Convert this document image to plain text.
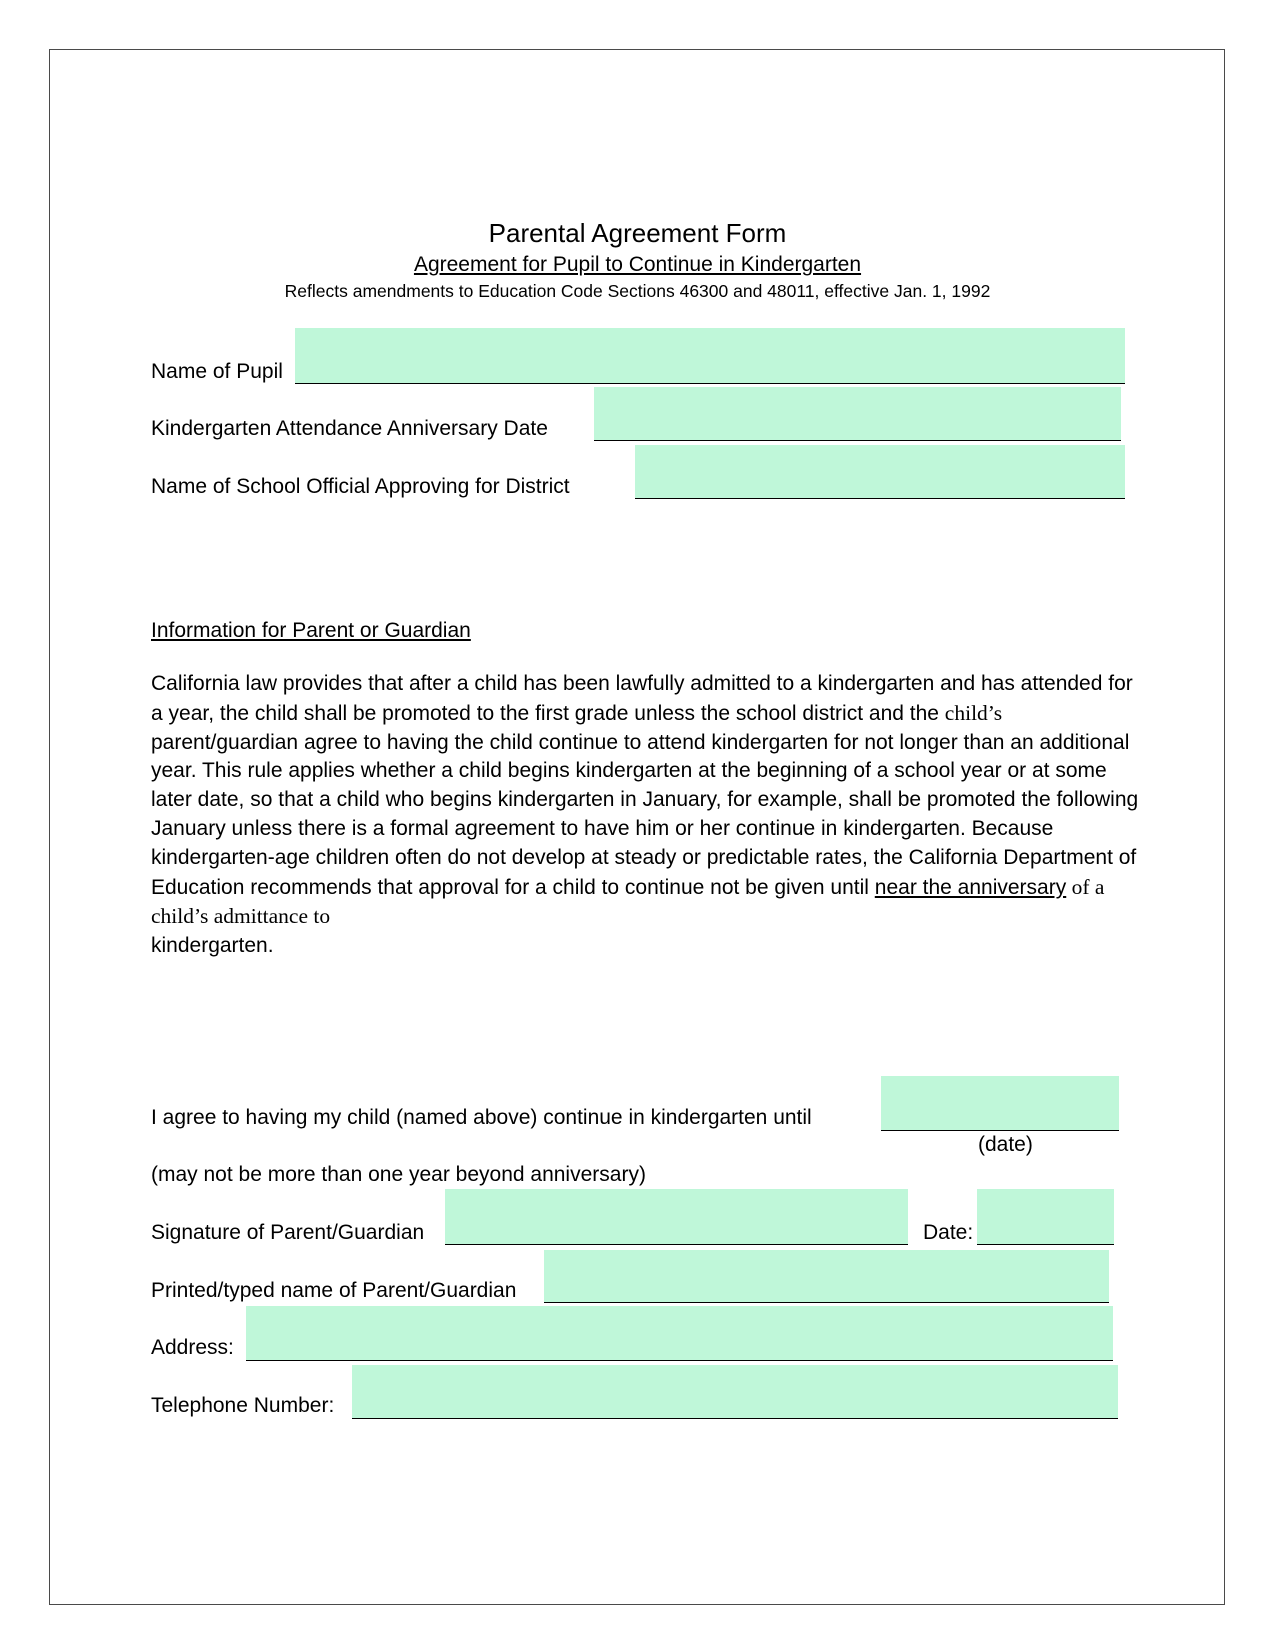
Parental Agreement Form
Agreement for Pupil to Continue in Kindergarten
Reflects amendments to Education Code Sections 46300 and 48011, effective Jan. 1, 1992
Name of Pupil
Kindergarten Attendance Anniversary Date
Name of School Official Approving for District
Information for Parent or Guardian
California law provides that after a child has been lawfully admitted to a kindergarten and has attended for a year, the child shall be promoted to the first grade unless the school district and the child’s parent/guardian agree to having the child continue to attend kindergarten for not longer than an additional year. This rule applies whether a child begins kindergarten at the beginning of a school year or at some later date, so that a child who begins kindergarten in January, for example, shall be promoted the following January unless there is a formal agreement to have him or her continue in kindergarten. Because kindergarten-age children often do not develop at steady or predictable rates, the California Department of Education recommends that approval for a child to continue not be given until near the anniversary of a child’s admittance to
kindergarten.
I agree to having my child (named above) continue in kindergarten until
(date)
(may not be more than one year beyond anniversary)
Signature of Parent/Guardian	Date:
Printed/typed name of Parent/Guardian
Address:
Telephone Number:
